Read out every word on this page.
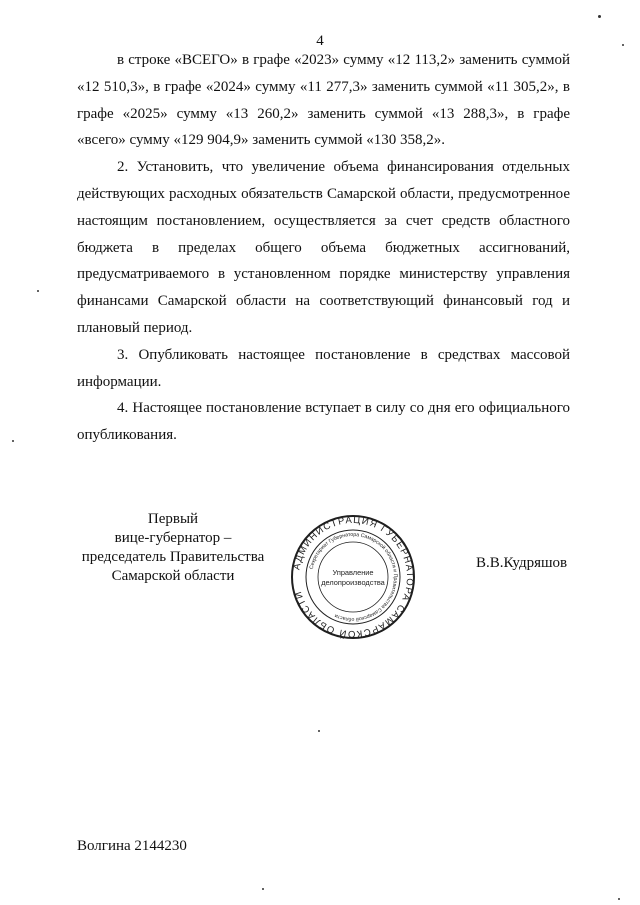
4

в строке «ВСЕГО» в графе «2023» сумму «12 113,2» заменить суммой «12 510,3», в графе «2024» сумму «11 277,3» заменить суммой «11 305,2», в графе «2025» сумму «13 260,2» заменить суммой «13 288,3», в графе «всего» сумму «129 904,9» заменить суммой «130 358,2».

2. Установить, что увеличение объема финансирования отдельных действующих расходных обязательств Самарской области, предусмотренное настоящим постановлением, осуществляется за счет средств областного бюджета в пределах общего объема бюджетных ассигнований, предусматриваемого в установленном порядке министерству управления финансами Самарской области на соответствующий финансовый год и плановый период.

3. Опубликовать настоящее постановление в средствах массовой информации.

4. Настоящее постановление вступает в силу со дня его официального опубликования.

Первый
вице-губернатор –
председатель Правительства
Самарской области
АДМИНИСТРАЦИЯ ГУБЕРНАТОРА САМАРСКОЙ ОБЛАСТИ
Секретариат Губернатора Самарской области и Правительства Самарской области
Управление
делопроизводства
В.В.Кудряшов
Волгина 2144230
